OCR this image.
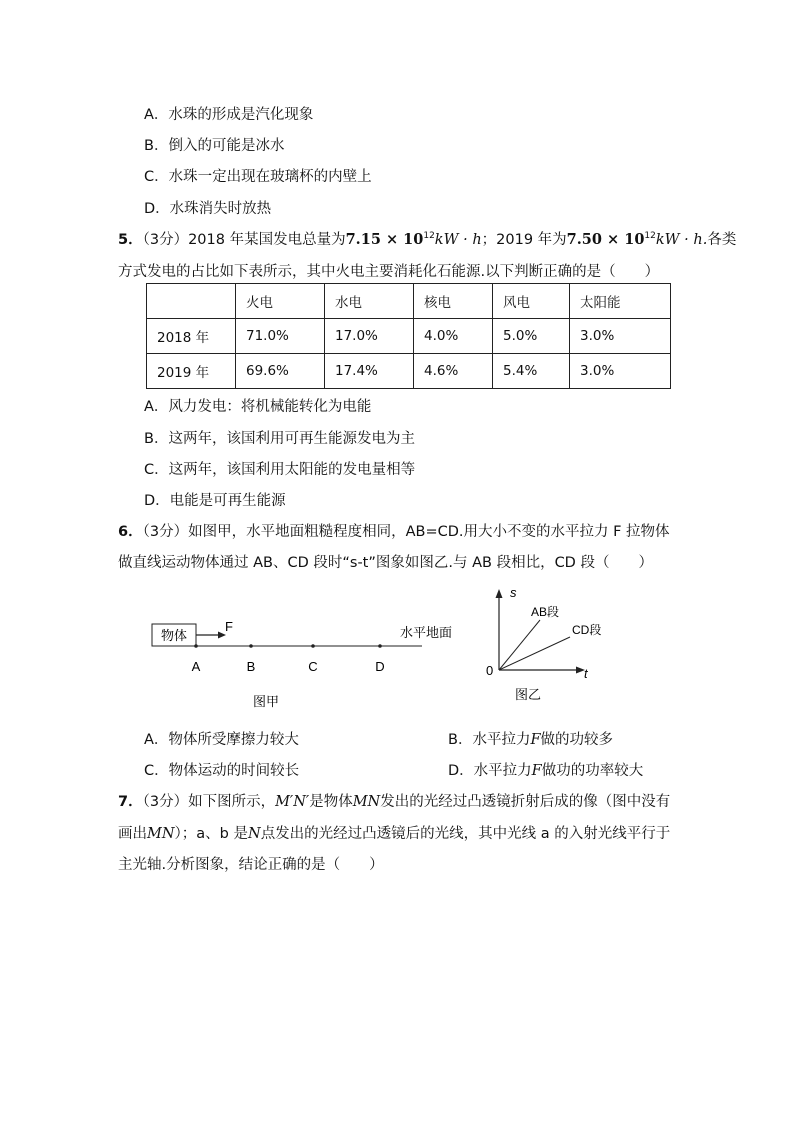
A．水珠的形成是汽化现象
B．倒入的可能是冰水
C．水珠一定出现在玻璃杯的内壁上
D．水珠消失时放热
5．（3分）2018 年某国发电总量为$7.15 \times 10^{12}kW \cdot h$；2019 年为$7.50 \times 10^{12}kW \cdot h$.各类
方式发电的占比如下表所示，其中火电主要消耗化石能源.以下判断正确的是（　　）
	火电	水电	核电	风电	太阳能
2018 年	71.0%	17.0%	4.0%	5.0%	3.0%
2019 年	69.6%	17.4%	4.6%	5.4%	3.0%
A．风力发电：将机械能转化为电能
B．这两年，该国利用可再生能源发电为主
C．这两年，该国利用太阳能的发电量相等
D．电能是可再生能源
6．（3分）如图甲，水平地面粗糙程度相同，AB=CD.用大小不变的水平拉力 F 拉物体
做直线运动物体通过 AB、CD 段时“s-t”图象如图乙.与 AB 段相比，CD 段（　　）
物体
F	水平地面
A	B	C	D
图甲
s
t
0
AB段
CD段
图乙
A．物体所受摩擦力较大	B．水平拉力F做的功较多
C．物体运动的时间较长	D．水平拉力F做功的功率较大
7．（3分）如下图所示，M′N′是物体MN发出的光经过凸透镜折射后成的像（图中没有
画出MN）；a、b 是N点发出的光经过凸透镜后的光线，其中光线 a 的入射光线平行于
主光轴.分析图象，结论正确的是（　　）
